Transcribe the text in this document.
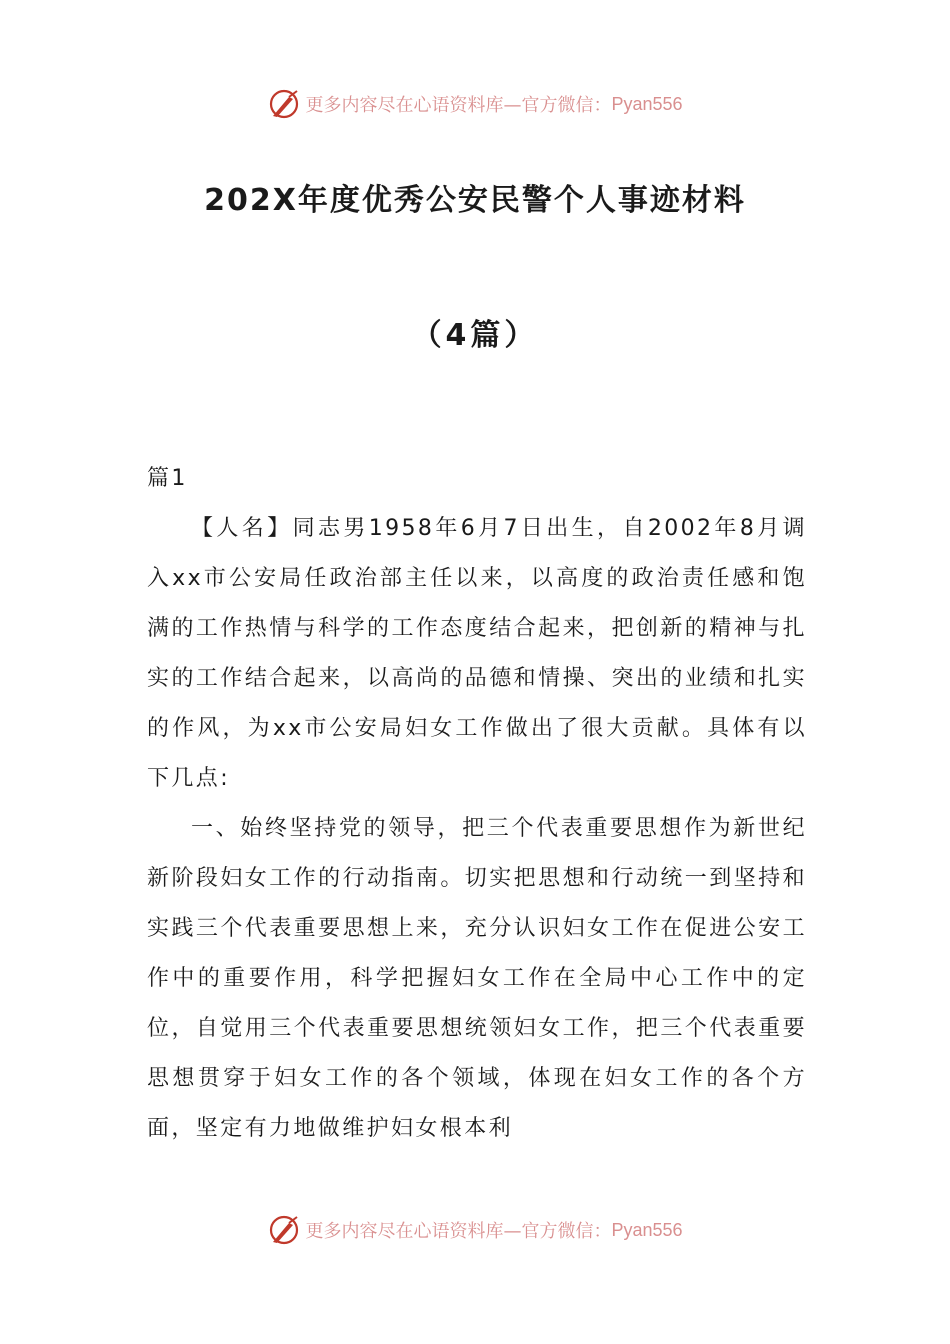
更多内容尽在心语资料库—官方微信： Pyan556
202X年度优秀公安民警个人事迹材料
（4篇）

篇1

【人名】同志男1958年6月7日出生，自2002年8月调入xx市公安局任政治部主任以来，以高度的政治责任感和饱满的工作热情与科学的工作态度结合起来，把创新的精神与扎实的工作结合起来，以高尚的品德和情操、突出的业绩和扎实的作风，为xx市公安局妇女工作做出了很大贡献。具体有以下几点:

一、始终坚持党的领导，把三个代表重要思想作为新世纪新阶段妇女工作的行动指南。切实把思想和行动统一到坚持和实践三个代表重要思想上来，充分认识妇女工作在促进公安工作中的重要作用，科学把握妇女工作在全局中心工作中的定位，自觉用三个代表重要思想统领妇女工作，把三个代表重要思想贯穿于妇女工作的各个领域，体现在妇女工作的各个方面，坚定有力地做维护妇女根本利

更多内容尽在心语资料库—官方微信： Pyan556
